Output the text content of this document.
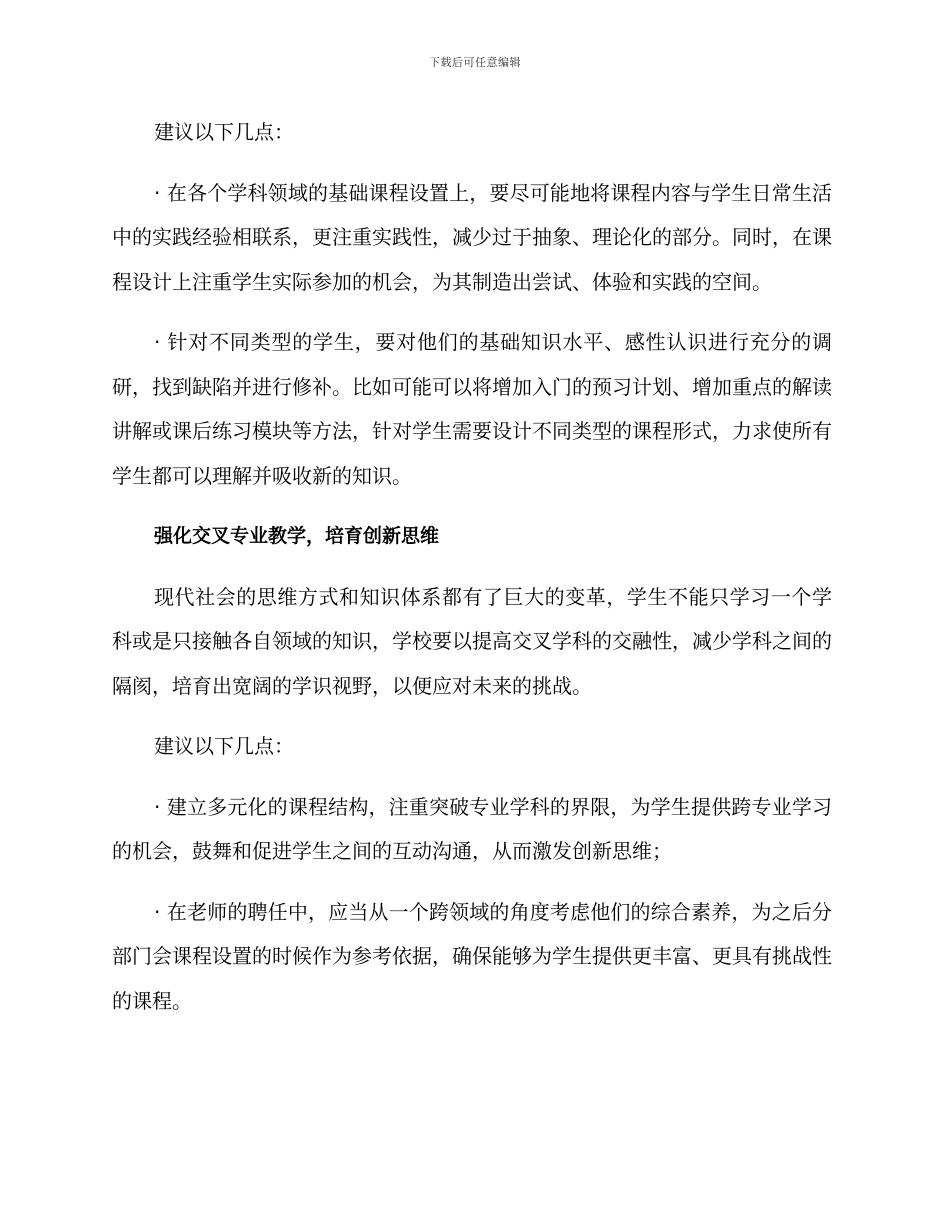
下载后可任意编辑

建议以下几点：

· 在各个学科领域的基础课程设置上，要尽可能地将课程内容与学生日常生活中的实践经验相联系，更注重实践性，减少过于抽象、理论化的部分。同时，在课程设计上注重学生实际参加的机会，为其制造出尝试、体验和实践的空间。

· 针对不同类型的学生，要对他们的基础知识水平、感性认识进行充分的调研，找到缺陷并进行修补。比如可能可以将增加入门的预习计划、增加重点的解读讲解或课后练习模块等方法，针对学生需要设计不同类型的课程形式，力求使所有学生都可以理解并吸收新的知识。

强化交叉专业教学，培育创新思维

现代社会的思维方式和知识体系都有了巨大的变革，学生不能只学习一个学科或是只接触各自领域的知识，学校要以提高交叉学科的交融性，减少学科之间的隔阂，培育出宽阔的学识视野，以便应对未来的挑战。

建议以下几点：

· 建立多元化的课程结构，注重突破专业学科的界限，为学生提供跨专业学习的机会，鼓舞和促进学生之间的互动沟通，从而激发创新思维；

· 在老师的聘任中，应当从一个跨领域的角度考虑他们的综合素养，为之后分部门会课程设置的时候作为参考依据，确保能够为学生提供更丰富、更具有挑战性的课程。
